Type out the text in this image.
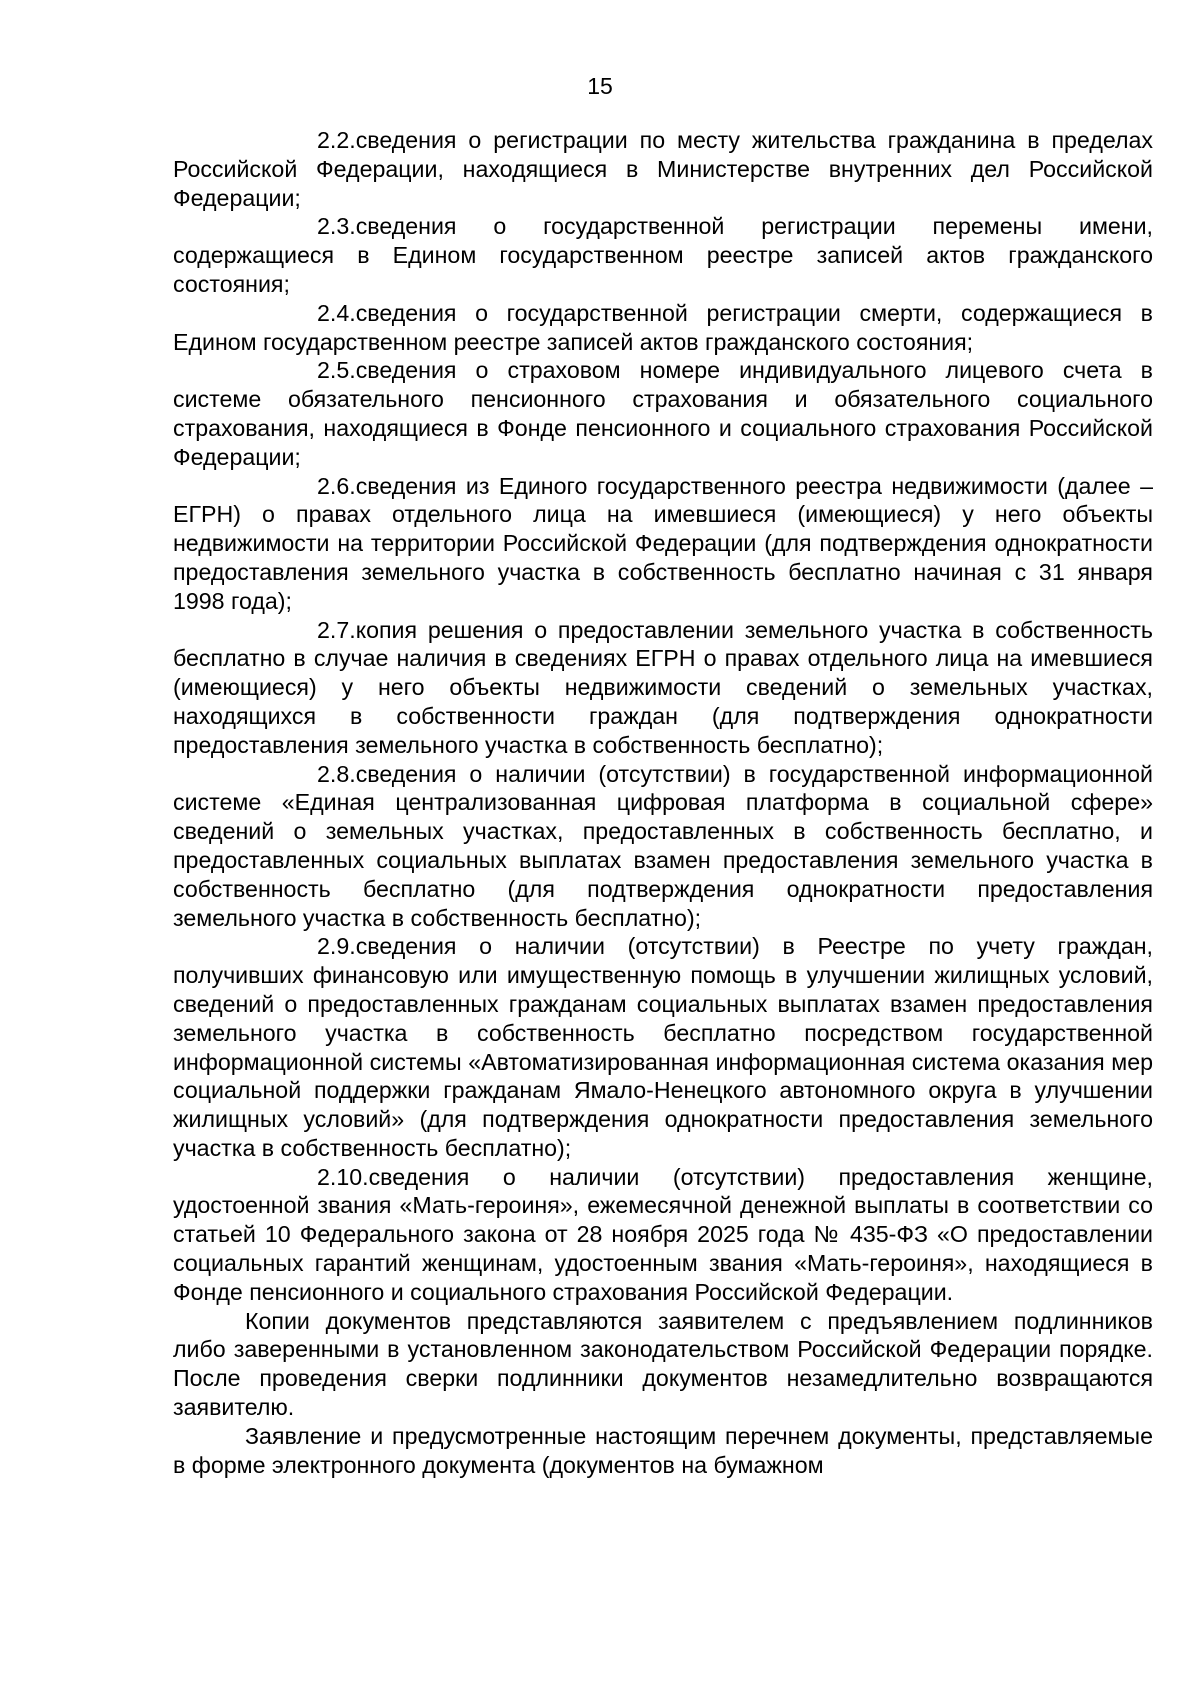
15

2.2.сведения о регистрации по месту жительства гражданина в пределах Российской Федерации, находящиеся в Министерстве внутренних дел Российской Федерации;

2.3.сведения о государственной регистрации перемены имени, содержащиеся в Едином государственном реестре записей актов гражданского состояния;

2.4.сведения о государственной регистрации смерти, содержащиеся в Едином государственном реестре записей актов гражданского состояния;

2.5.сведения о страховом номере индивидуального лицевого счета в системе обязательного пенсионного страхования и обязательного социального страхования, находящиеся в Фонде пенсионного и социального страхования Российской Федерации;

2.6.сведения из Единого государственного реестра недвижимости (далее – ЕГРН) о правах отдельного лица на имевшиеся (имеющиеся) у него объекты недвижимости на территории Российской Федерации (для подтверждения однократности предоставления земельного участка в собственность бесплатно начиная с 31 января 1998 года);

2.7.копия решения о предоставлении земельного участка в собственность бесплатно в случае наличия в сведениях ЕГРН о правах отдельного лица на имевшиеся (имеющиеся) у него объекты недвижимости сведений о земельных участках, находящихся в собственности граждан (для подтверждения однократности предоставления земельного участка в собственность бесплатно);

2.8.сведения о наличии (отсутствии) в государственной информационной системе «Единая централизованная цифровая платформа в социальной сфере» сведений о земельных участках, предоставленных в собственность бесплатно, и предоставленных социальных выплатах взамен предоставления земельного участка в собственность бесплатно (для подтверждения однократности предоставления земельного участка в собственность бесплатно);

2.9.сведения о наличии (отсутствии) в Реестре по учету граждан, получивших финансовую или имущественную помощь в улучшении жилищных условий, сведений о предоставленных гражданам социальных выплатах взамен предоставления земельного участка в собственность бесплатно посредством государственной информационной системы «Автоматизированная информационная система оказания мер социальной поддержки гражданам Ямало-Ненецкого автономного округа в улучшении жилищных условий» (для подтверждения однократности предоставления земельного участка в собственность бесплатно);

2.10.сведения о наличии (отсутствии) предоставления женщине, удостоенной звания «Мать-героиня», ежемесячной денежной выплаты в соответствии со статьей 10 Федерального закона от 28 ноября 2025 года № 435-ФЗ «О предоставлении социальных гарантий женщинам, удостоенным звания «Мать-героиня», находящиеся в Фонде пенсионного и социального страхования Российской Федерации.

Копии документов представляются заявителем с предъявлением подлинников либо заверенными в установленном законодательством Российской Федерации порядке. После проведения сверки подлинники документов незамедлительно возвращаются заявителю.

Заявление и предусмотренные настоящим перечнем документы, представляемые в форме электронного документа (документов на бумажном
